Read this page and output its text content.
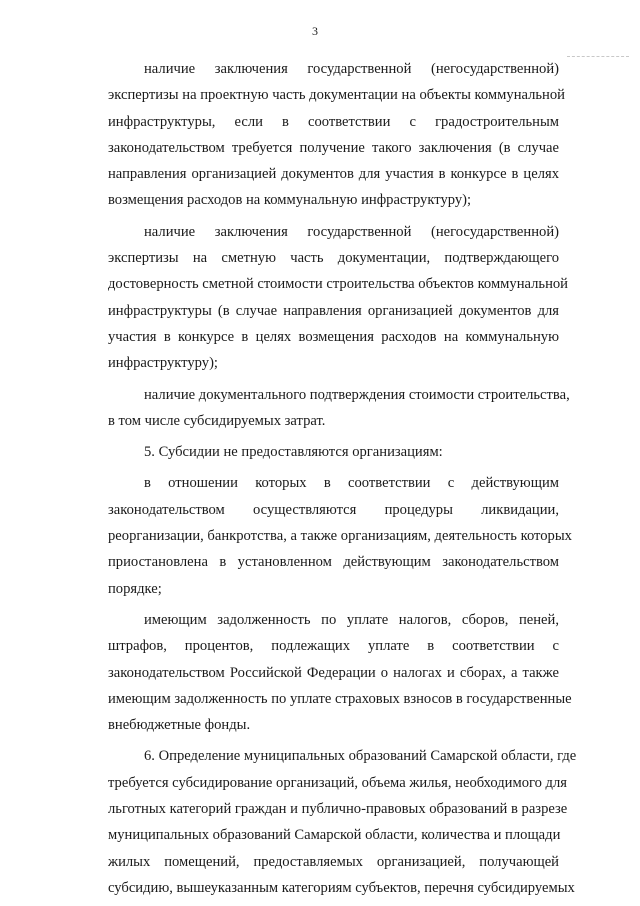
3
наличие заключения государственной (негосударственной)
экспертизы на проектную часть документации на объекты коммунальной
инфраструктуры, если в соответствии с градостроительным
законодательством требуется получение такого заключения (в случае
направления организацией документов для участия в конкурсе в целях
возмещения расходов на коммунальную инфраструктуру);
наличие заключения государственной (негосударственной)
экспертизы на сметную часть документации, подтверждающего
достоверность сметной стоимости строительства объектов коммунальной
инфраструктуры (в случае направления организацией документов для
участия в конкурсе в целях возмещения расходов на коммунальную
инфраструктуру);
наличие документального подтверждения стоимости строительства,
в том числе субсидируемых затрат.
5. Субсидии не предоставляются организациям:
в отношении которых в соответствии с действующим
законодательством осуществляются процедуры ликвидации,
реорганизации, банкротства, а также организациям, деятельность которых
приостановлена в установленном действующим законодательством
порядке;
имеющим задолженность по уплате налогов, сборов, пеней,
штрафов, процентов, подлежащих уплате в соответствии с
законодательством Российской Федерации о налогах и сборах, а также
имеющим задолженность по уплате страховых взносов в государственные
внебюджетные фонды.
6. Определение муниципальных образований Самарской области, где
требуется субсидирование организаций, объема жилья, необходимого для
льготных категорий граждан и публично-правовых образований в разрезе
муниципальных образований Самарской области, количества и площади
жилых помещений, предоставляемых организацией, получающей
субсидию, вышеуказанным категориям субъектов, перечня субсидируемых
